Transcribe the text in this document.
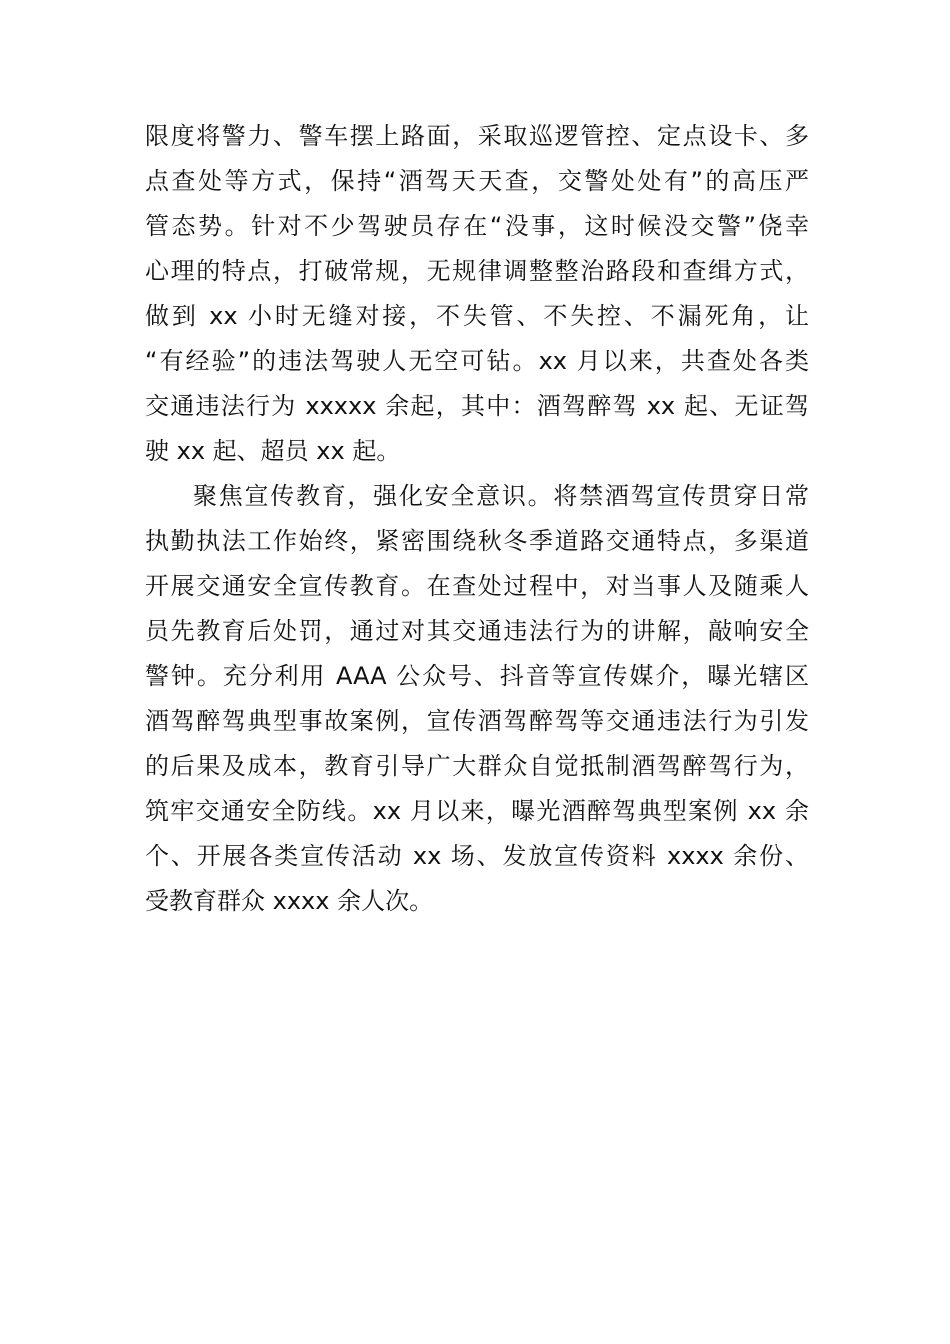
限度将警力、警车摆上路面，采取巡逻管控、定点设卡、多
点查处等方式，保持“酒驾天天查，交警处处有”的高压严
管态势。针对不少驾驶员存在“没事，这时候没交警”侥幸
心理的特点，打破常规，无规律调整整治路段和查缉方式，
做到 xx 小时无缝对接，不失管、不失控、不漏死角，让
“有经验”的违法驾驶人无空可钻。xx 月以来，共查处各类
交通违法行为 xxxxx 余起，其中：酒驾醉驾 xx 起、无证驾
驶 xx 起、超员 xx 起。
聚焦宣传教育，强化安全意识。将禁酒驾宣传贯穿日常
执勤执法工作始终，紧密围绕秋冬季道路交通特点，多渠道
开展交通安全宣传教育。在查处过程中，对当事人及随乘人
员先教育后处罚，通过对其交通违法行为的讲解，敲响安全
警钟。充分利用 AAA 公众号、抖音等宣传媒介，曝光辖区
酒驾醉驾典型事故案例，宣传酒驾醉驾等交通违法行为引发
的后果及成本，教育引导广大群众自觉抵制酒驾醉驾行为，
筑牢交通安全防线。xx 月以来，曝光酒醉驾典型案例 xx 余
个、开展各类宣传活动 xx 场、发放宣传资料 xxxx 余份、
受教育群众 xxxx 余人次。
